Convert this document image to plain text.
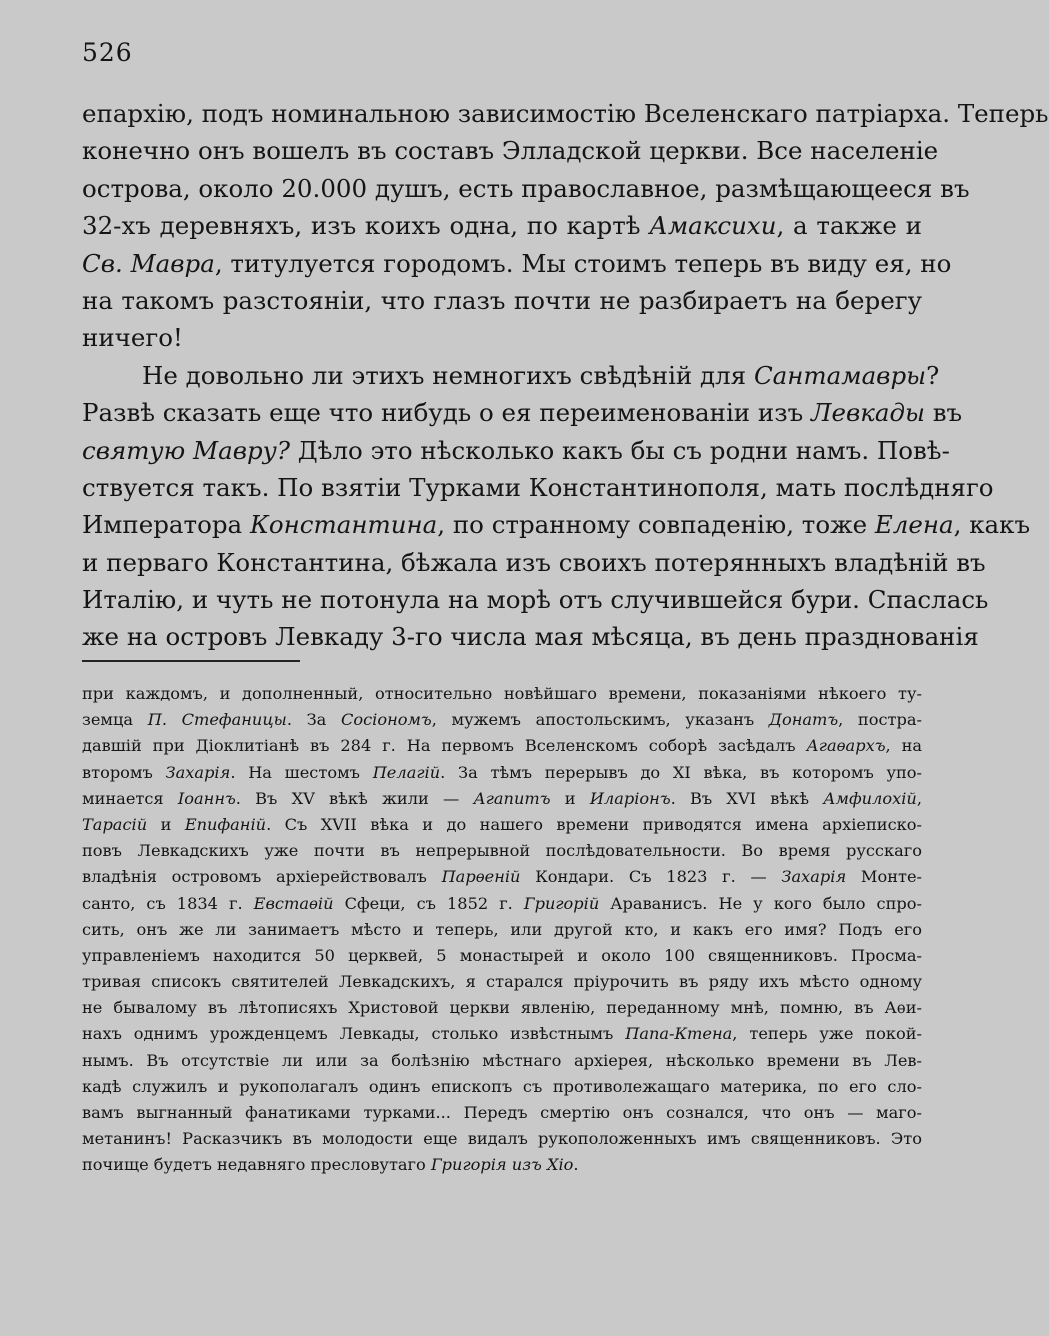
526
епархію, подъ номинальною зависимостію Вселенскаго патріарха. Теперь
конечно онъ вошелъ въ составъ Элладской церкви. Все населеніе
острова, около 20.000 душъ, есть православное, размѣщающееся въ
32-хъ деревняхъ, изъ коихъ одна, по картѣ Амаксихи, а также и
Св. Мавра, титулуется городомъ. Мы стоимъ теперь въ виду ея, но
на такомъ разстояніи, что глазъ почти не разбираетъ на берегу
ничего!
Не довольно ли этихъ немногихъ свѣдѣній для Сантамавры?
Развѣ сказать еще что нибудь о ея переименованіи изъ Левкады въ
святую Мавру? Дѣло это нѣсколько какъ бы съ родни намъ. Повѣ-
ствуется такъ. По взятіи Турками Константинополя, мать послѣдняго
Императора Константина, по странному совпаденію, тоже Елена, какъ
и перваго Константина, бѣжала изъ своихъ потерянныхъ владѣній въ
Италію, и чуть не потонула на морѣ отъ случившейся бури. Спаслась
же на островъ Левкаду 3-го числа мая мѣсяца, въ день празднованія
при каждомъ, и дополненный, относительно новѣйшаго времени, показаніями нѣкоего ту-
земца П. Стефаницы. За Сосіономъ, мужемъ апостольскимъ, указанъ Донатъ, постра-
давшій при Діоклитіанѣ въ 284 г. На первомъ Вселенскомъ соборѣ засѣдалъ Агаѳархъ, на
второмъ Захарія. На шестомъ Пелагій. За тѣмъ перерывъ до XI вѣка, въ которомъ упо-
минается Іоаннъ. Въ XV вѣкѣ жили — Агапитъ и Иларіонъ. Въ XVI вѣкѣ Амфилохій,
Тарасій и Епифаній. Съ XVII вѣка и до нашего времени приводятся имена архіеписко-
повъ Левкадскихъ уже почти въ непрерывной послѣдовательности. Во время русскаго
владѣнія островомъ архіерействовалъ Парѳеній Кондари. Съ 1823 г. — Захарія Монте-
санто, съ 1834 г. Евстаѳій Сфеци, съ 1852 г. Григорій Араванисъ. Не у кого было спро-
сить, онъ же ли занимаетъ мѣсто и теперь, или другой кто, и какъ его имя? Подъ его
управленіемъ находится 50 церквей, 5 монастырей и около 100 священниковъ. Просма-
тривая списокъ святителей Левкадскихъ, я старался пріурочить въ ряду ихъ мѣсто одному
не бывалому въ лѣтописяхъ Христовой церкви явленію, переданному мнѣ, помню, въ Аѳи-
нахъ однимъ урожденцемъ Левкады, столько извѣстнымъ Папа-Ктена, теперь уже покой-
нымъ. Въ отсутствіе ли или за болѣзнію мѣстнаго архіерея, нѣсколько времени въ Лев-
кадѣ служилъ и рукополагалъ одинъ епископъ съ противолежащаго материка, по его сло-
вамъ выгнанный фанатиками турками... Передъ смертію онъ сознался, что онъ — маго-
метанинъ! Расказчикъ въ молодости еще видалъ рукоположенныхъ имъ священниковъ. Это
почище будетъ недавняго пресловутаго Григорія изъ Хіо.
